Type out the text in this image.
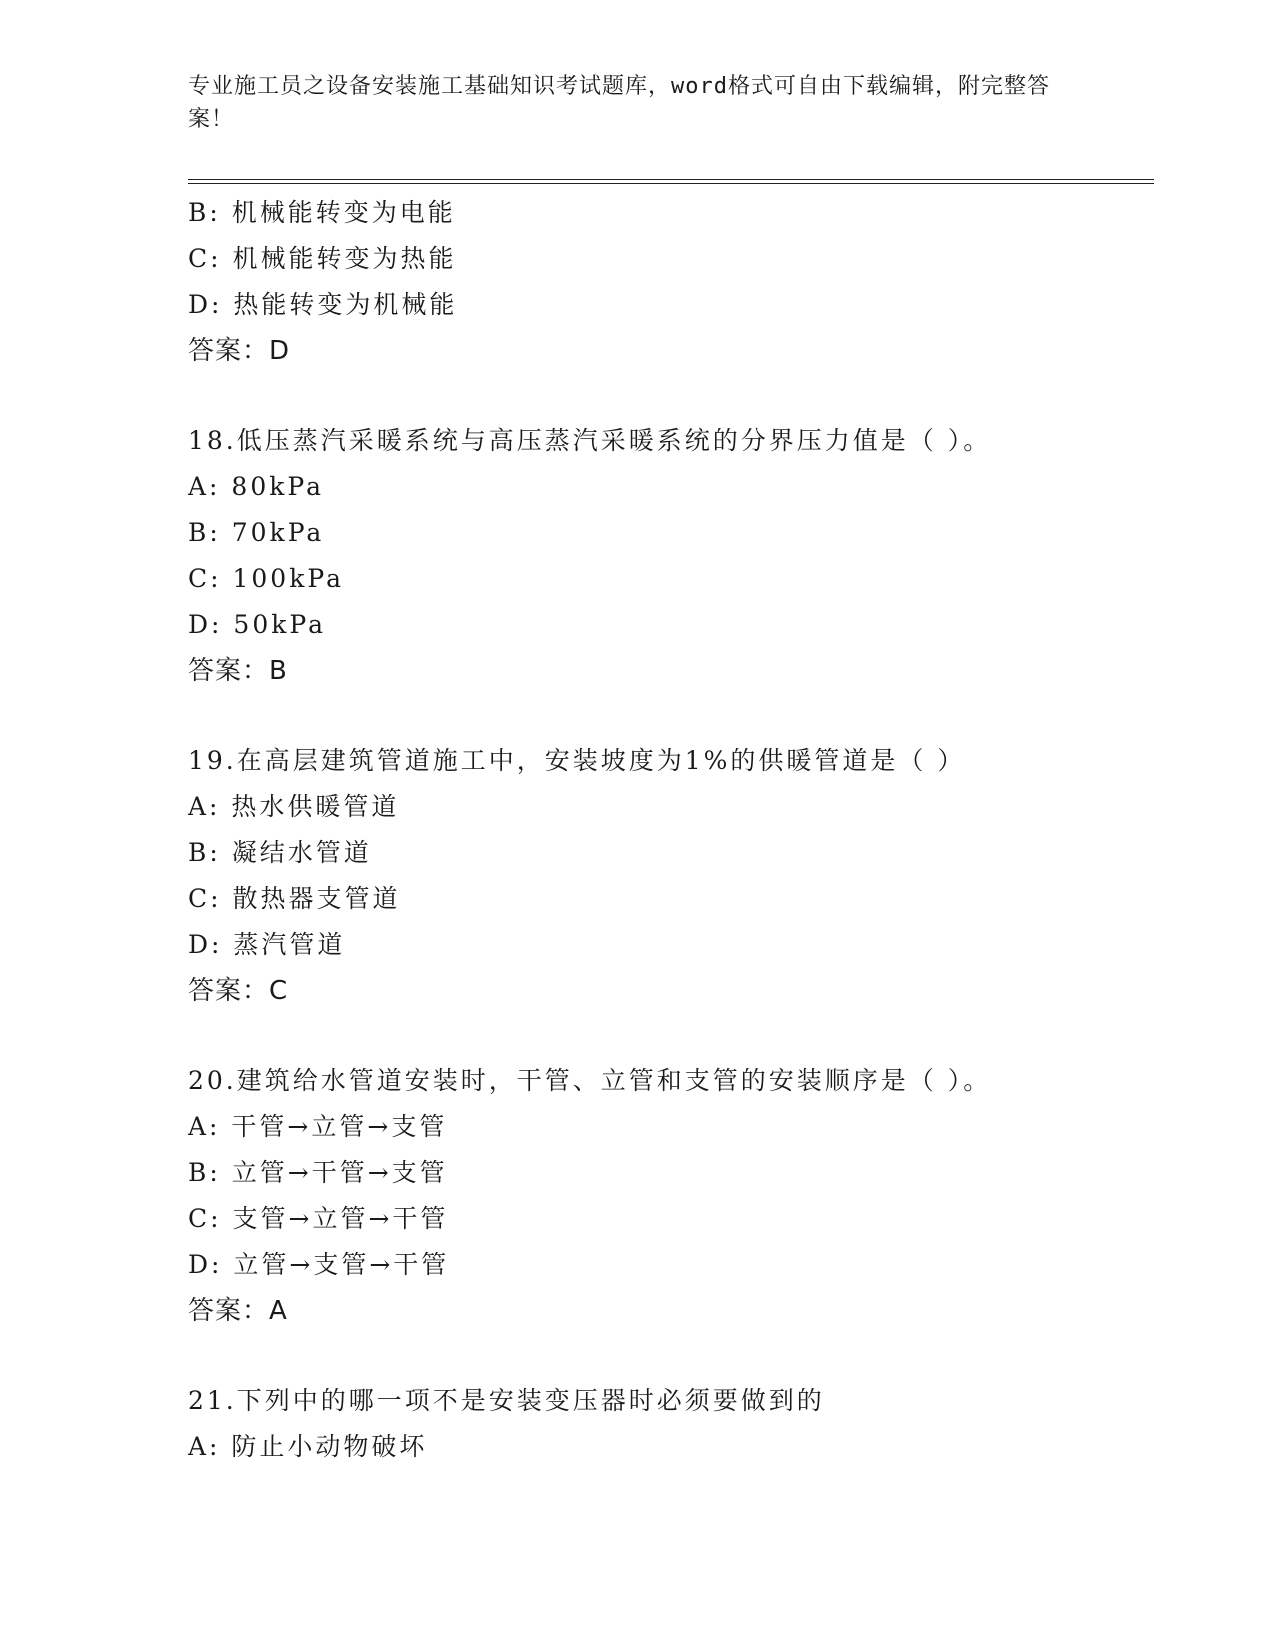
专业施工员之设备安装施工基础知识考试题库，word格式可自由下载编辑，附完整答案！
B: 机械能转变为电能
C: 机械能转变为热能
D: 热能转变为机械能
答案：D
18.低压蒸汽采暖系统与高压蒸汽采暖系统的分界压力值是（ ）。
A: 80kPa
B: 70kPa
C: 100kPa
D: 50kPa
答案：B
19.在高层建筑管道施工中，安装坡度为1%的供暖管道是（ ）
A: 热水供暖管道
B: 凝结水管道
C: 散热器支管道
D: 蒸汽管道
答案：C
20.建筑给水管道安装时，干管、立管和支管的安装顺序是（ ）。
A: 干管→立管→支管
B: 立管→干管→支管
C: 支管→立管→干管
D: 立管→支管→干管
答案：A
21.下列中的哪一项不是安装变压器时必须要做到的
A: 防止小动物破坏
